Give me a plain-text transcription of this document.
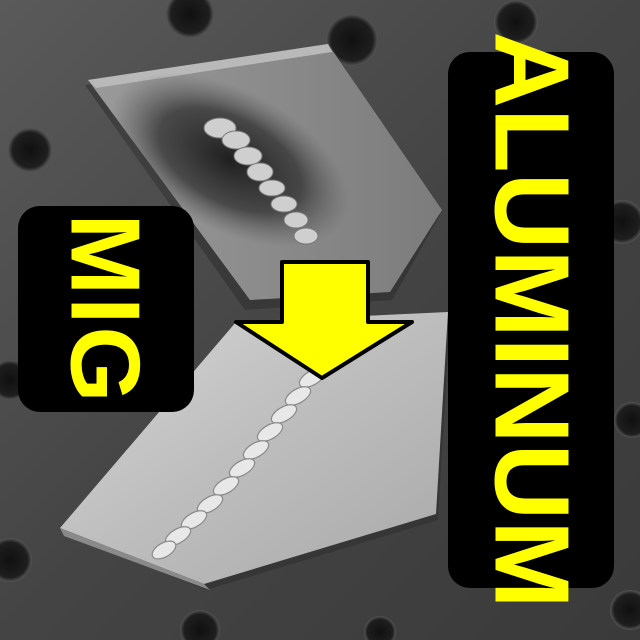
MIG	ALUMINUM
